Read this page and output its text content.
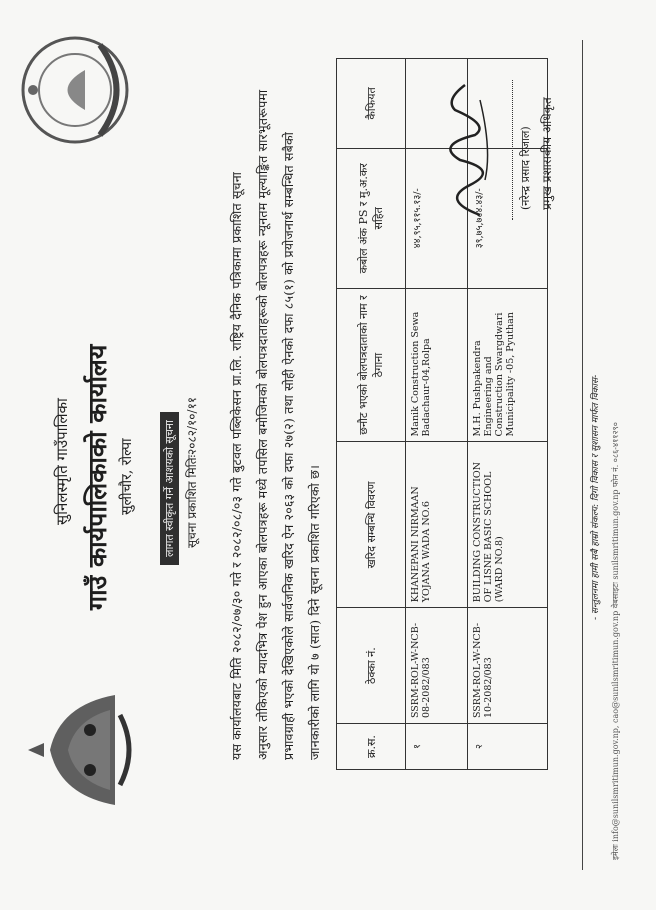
सुनिलस्मृति गाउँपालिका गाउँ कार्यपालिकाको कार्यालय सुलीचौर, रोल्पा	लागत स्वीकृत गर्ने आशयको सूचना सूचना प्रकाशित मितिः२०८२/१०/११ यस कार्यालयबाट मिति २०८२/०७/३० गते र २०८२/०८/०३ गते बुटवल पब्लिकेसन प्रा.लि. राष्ट्रिय दैनिक पत्रिकामा प्रकाशित सूचना अनुसार तोकिएको म्यादभित्र पेश हुन आएका बोलपत्रहरू मध्ये तपसिल बमोजिमको बोलपत्रदाताहरूको बोलपत्रहरू न्यूनतम मूल्याङ्कित सारभूतरूपमा प्रभावग्राही भएको देखिएकोले सार्वजनिक खरिद ऐन २०६३ को दफा २७(२) तथा सोही ऐनको दफा ८५(१) को प्रयोजनार्थ सम्बन्धित सबैको जानकारीको लागि यो ७ (सात) दिने सूचना प्रकाशित गरिएको छ।	क्र.स.	ठेक्का नं.	खरिद सम्बन्धि विवरण	छनौट भएको बोलपत्रदाताको नाम र ठेगाना	कबोल अंक PS र मु.अ.कर सहित	कैफियत
१	SSRM-ROL-W-NCB-08-2082/083	KHANEPANI NIRMAAN YOJANA WADA NO.6	Manik Construction Sewa Badachaur-04,Rolpa	४४,९५,११५.१३/-	
२	SSRM-ROL-W-NCB-10-2082/083	BUILDING CONSTRUCTION OF LISNE BASIC SCHOOL (WARD NO.8)	M.H. Pushpakendra Engineering and Construction Swargdwari Municipality -05, Pyuthan	३९,७५,७८४.४३/-	
(नरेन्द्र प्रसाद रिजाल) प्रमुख प्रशासकीय अधिकृत
- सन्तुलनमा हामी सबै हाम्रो संकल्प: दिगो विकास र सुशासन मार्फत विकास- इमेलः info@sunilsmritimun.gov.np, cao@sunilsmritimun.gov.np वेबसाइटः sunilsmritimun.gov.np फोन नं. ०८६-४११२९०
